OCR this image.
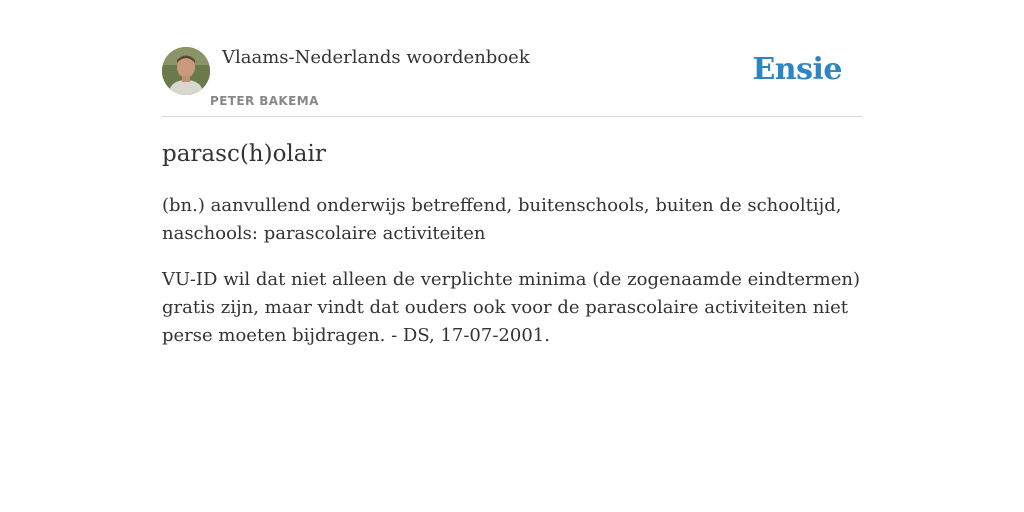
Vlaams-Nederlands woordenboek
PETER BAKEMA
Ensie
parasc(h)olair

(bn.) aanvullend onderwijs betreffend, buitenschools, buiten de schooltijd, naschools: parascolaire activiteiten

VU-ID wil dat niet alleen de verplichte minima (de zogenaamde eindtermen) gratis zijn, maar vindt dat ouders ook voor de parascolaire activiteiten niet perse moeten bijdragen. - DS, 17-07-2001.
